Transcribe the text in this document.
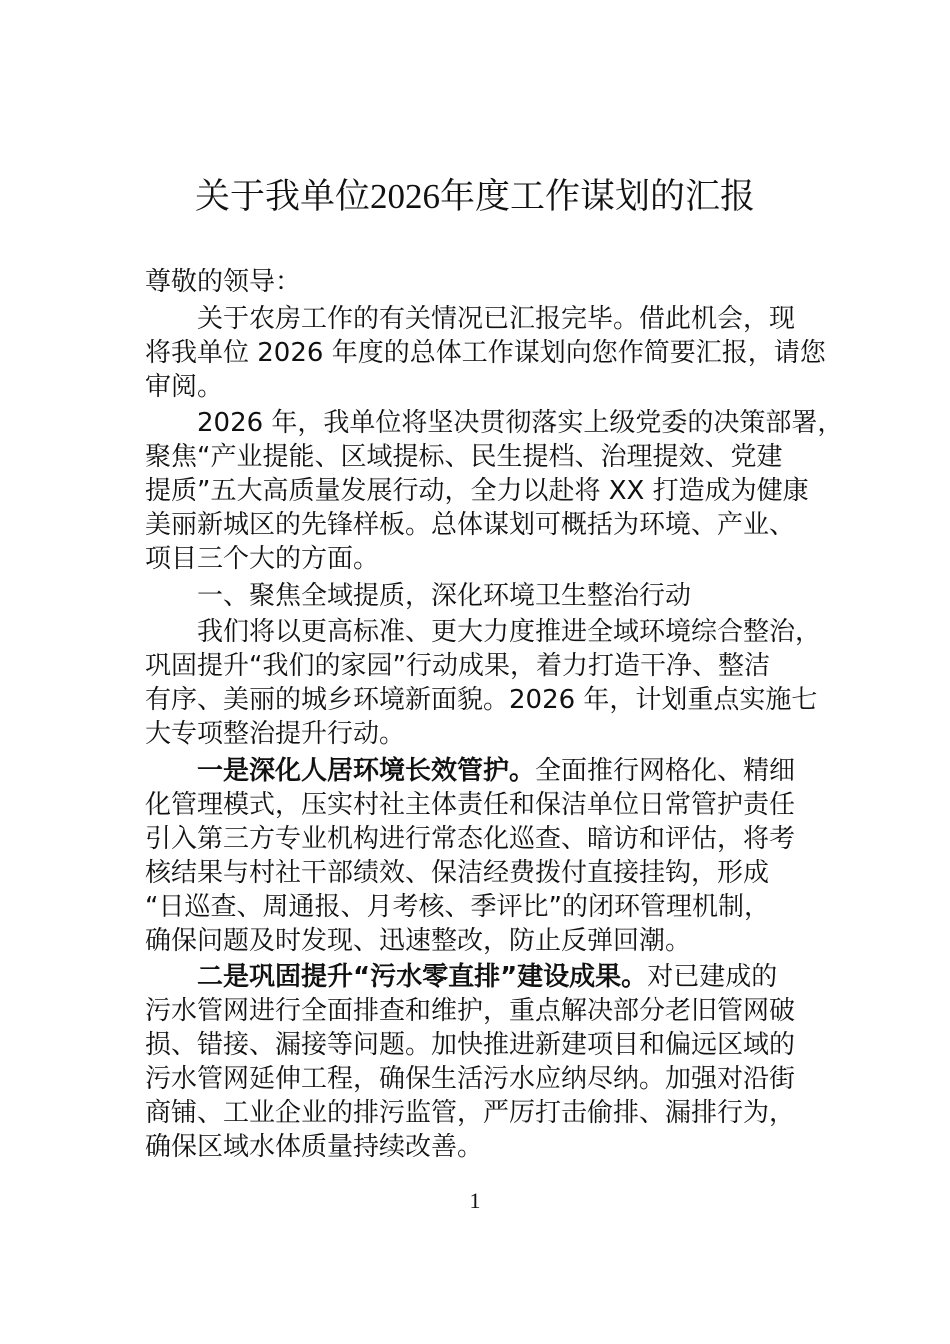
关于我单位2026年度工作谋划的汇报
尊敬的领导：
关于农房工作的有关情况已汇报完毕。借此机会，现
将我单位 2026 年度的总体工作谋划向您作简要汇报，请您
审阅。
2026 年，我单位将坚决贯彻落实上级党委的决策部署，
聚焦“产业提能、区域提标、民生提档、治理提效、党建
提质”五大高质量发展行动，全力以赴将 XX 打造成为健康
美丽新城区的先锋样板。总体谋划可概括为环境、产业、
项目三个大的方面。
一、聚焦全域提质，深化环境卫生整治行动
我们将以更高标准、更大力度推进全域环境综合整治，
巩固提升“我们的家园”行动成果，着力打造干净、整洁
有序、美丽的城乡环境新面貌。2026 年，计划重点实施七
大专项整治提升行动。
一是深化人居环境长效管护。全面推行网格化、精细
化管理模式，压实村社主体责任和保洁单位日常管护责任
引入第三方专业机构进行常态化巡查、暗访和评估，将考
核结果与村社干部绩效、保洁经费拨付直接挂钩，形成
“日巡查、周通报、月考核、季评比”的闭环管理机制，
确保问题及时发现、迅速整改，防止反弹回潮。
二是巩固提升“污水零直排”建设成果。对已建成的
污水管网进行全面排查和维护，重点解决部分老旧管网破
损、错接、漏接等问题。加快推进新建项目和偏远区域的
污水管网延伸工程，确保生活污水应纳尽纳。加强对沿街
商铺、工业企业的排污监管，严厉打击偷排、漏排行为，
确保区域水体质量持续改善。
1
